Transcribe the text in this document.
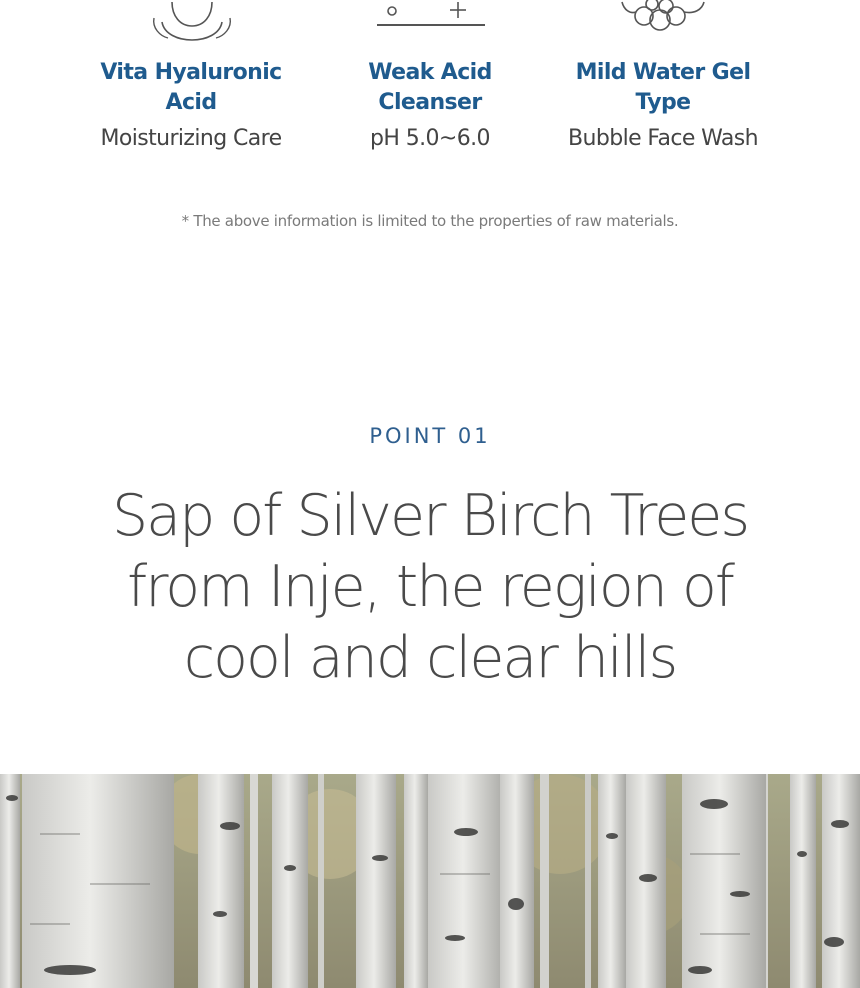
Vita Hyaluronic
Acid
Moisturizing Care
Weak Acid
Cleanser
pH 5.0~6.0
Mild Water Gel
Type
Bubble Face Wash
* The above information is limited to the properties of raw materials.
POINT 01
Sap of Silver Birch Trees
from Inje, the region of
cool and clear hills
